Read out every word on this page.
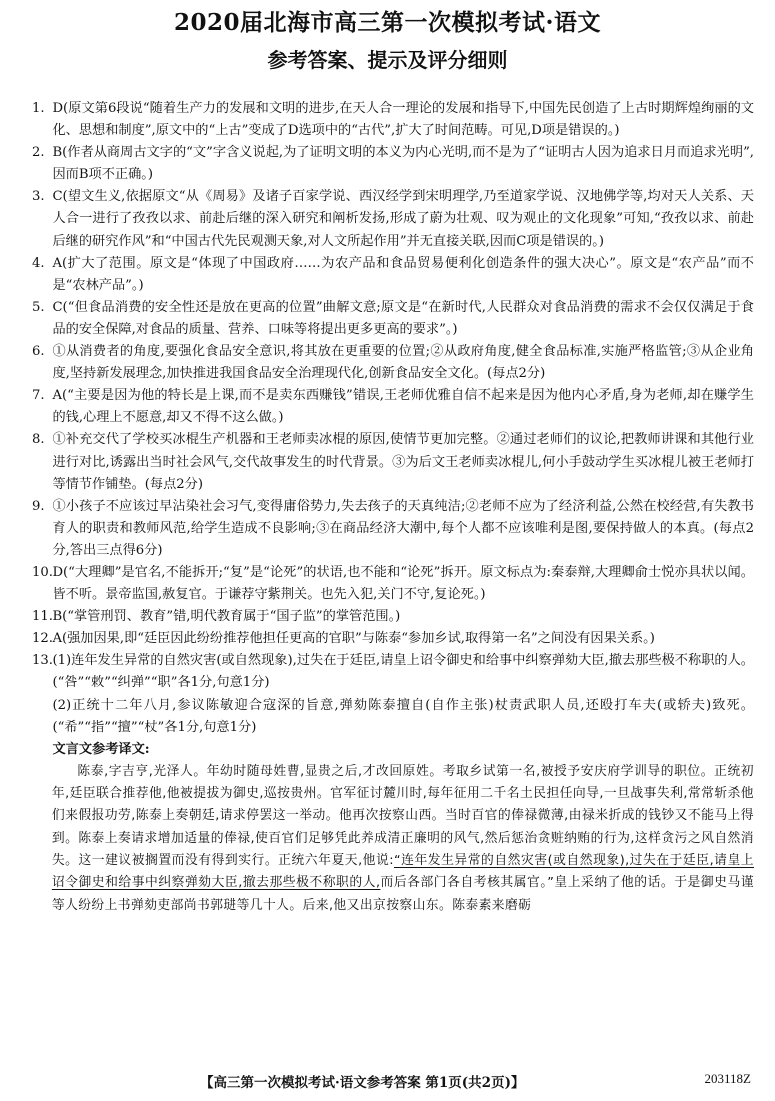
2020届北海市高三第一次模拟考试·语文
参考答案、提示及评分细则
1. D(原文第6段说“随着生产力的发展和文明的进步,在天人合一理论的发展和指导下,中国先民创造了上古时期辉煌绚丽的文化、思想和制度”,原文中的“上古”变成了D选项中的“古代”,扩大了时间范畴。可见,D项是错误的。)
2. B(作者从商周古文字的“文”字含义说起,为了证明文明的本义为内心光明,而不是为了“证明古人因为追求日月而追求光明”,因而B项不正确。)
3. C(望文生义,依据原文“从《周易》及诸子百家学说、西汉经学到宋明理学,乃至道家学说、汉地佛学等,均对天人关系、天人合一进行了孜孜以求、前赴后继的深入研究和阐析发扬,形成了蔚为壮观、叹为观止的文化现象”可知,“孜孜以求、前赴后继的研究作风”和“中国古代先民观测天象,对人文所起作用”并无直接关联,因而C项是错误的。)
4. A(扩大了范围。原文是“体现了中国政府……为农产品和食品贸易便利化创造条件的强大决心”。原文是“农产品”而不是“农林产品”。)
5. C(“但食品消费的安全性还是放在更高的位置”曲解文意;原文是“在新时代,人民群众对食品消费的需求不会仅仅满足于食品的安全保障,对食品的质量、营养、口味等将提出更多更高的要求”。)
6. ①从消费者的角度,要强化食品安全意识,将其放在更重要的位置;②从政府角度,健全食品标准,实施严格监管;③从企业角度,坚持新发展理念,加快推进我国食品安全治理现代化,创新食品安全文化。(每点2分)
7. A(“主要是因为他的特长是上课,而不是卖东西赚钱”错误,王老师优雅自信不起来是因为他内心矛盾,身为老师,却在赚学生的钱,心理上不愿意,却又不得不这么做。)
8. ①补充交代了学校买冰棍生产机器和王老师卖冰棍的原因,使情节更加完整。②通过老师们的议论,把教师讲课和其他行业进行对比,诱露出当时社会风气,交代故事发生的时代背景。③为后文王老师卖冰棍儿,何小手鼓动学生买冰棍儿被王老师打等情节作铺垫。(每点2分)
9. ①小孩子不应该过早沾染社会习气,变得庸俗势力,失去孩子的天真纯洁;②老师不应为了经济利益,公然在校经营,有失教书育人的职责和教师风范,给学生造成不良影响;③在商品经济大潮中,每个人都不应该唯利是图,要保持做人的本真。(每点2分,答出三点得6分)
10. D(“大理卿”是官名,不能拆开;“复”是“论死”的状语,也不能和“论死”拆开。原文标点为:秦泰辩,大理卿俞士悦亦具状以闻。皆不听。景帝监国,赦复官。于谦荐守紫荆关。也先入犯,关门不守,复论死。)
11. B(“掌管刑罚、教育”错,明代教育属于“国子监”的掌管范围。)
12. A(强加因果,即“廷臣因此纷纷推荐他担任更高的官职”与陈泰“参加乡试,取得第一名”之间没有因果关系。)
13. (1)连年发生异常的自然灾害(或自然现象),过失在于廷臣,请皇上诏令御史和给事中纠察弹劾大臣,撤去那些极不称职的人。(“咎”“敕”“纠弹”“职”各1分,句意1分)
(2)正统十二年八月,参议陈敏迎合寇深的旨意,弹劾陈泰擅自(自作主张)杖责武职人员,还殴打车夫(或轿夫)致死。(“希”“指”“擅”“杖”各1分,句意1分)
文言文参考译文:
陈泰,字吉亨,光泽人。年幼时随母姓曹,显贵之后,才改回原姓。考取乡试第一名,被授予安庆府学训导的职位。正统初年,廷臣联合推荐他,他被提拔为御史,巡按贵州。官军征讨麓川时,每年征用二千名土民担任向导,一旦战事失利,常常斩杀他们来假报功劳,陈泰上奏朝廷,请求停罢这一举动。他再次按察山西。当时百官的俸禄微薄,由禄米折成的钱钞又不能马上得到。陈泰上奏请求增加适量的俸禄,使百官们足够凭此养成清正廉明的风气,然后惩治贪赃纳贿的行为,这样贪污之风自然消失。这一建议被搁置而没有得到实行。正统六年夏天,他说:“连年发生异常的自然灾害(或自然现象),过失在于廷臣,请皇上诏令御史和给事中纠察弹劾大臣,撤去那些极不称职的人,而后各部门各自考核其属官。”皇上采纳了他的话。于是御史马谨等人纷纷上书弹劾吏部尚书郭琎等几十人。后来,他又出京按察山东。陈泰素来磨砺
【高三第一次模拟考试·语文参考答案 第1页(共2页)】	203118Z
